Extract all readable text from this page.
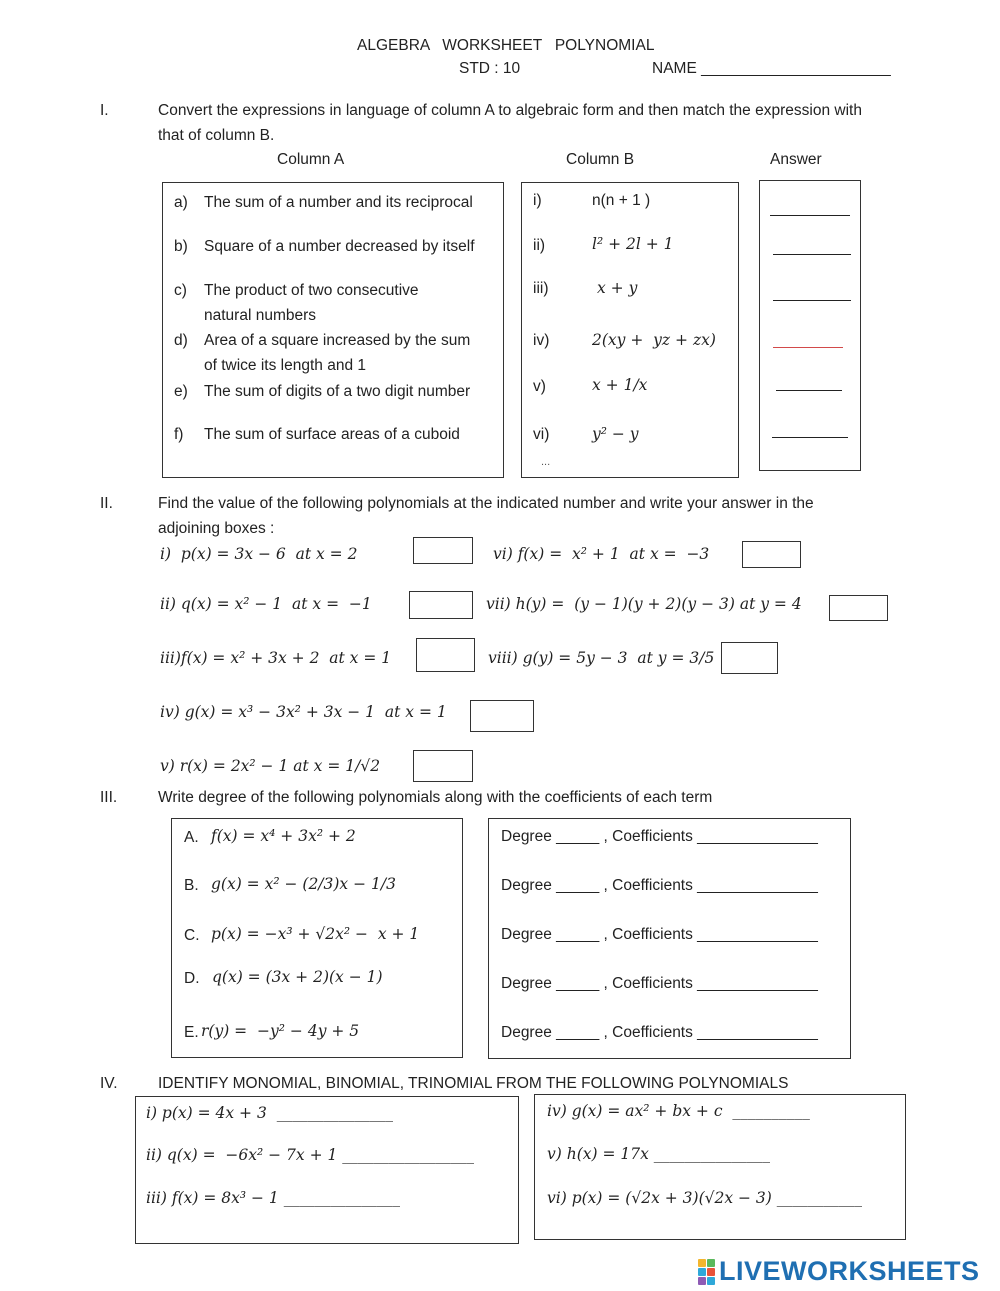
ALGEBRA   WORKSHEET   POLYNOMIAL
STD : 10	NAME ______________________
I.	Convert the expressions in language of column A to algebraic form and then match the expression with
that of column B.
Column A	Column B	Answer
a) The sum of a number and its reciprocal
b) Square of a number decreased by itself
c) The product of two consecutive
natural numbers
d) Area of a square increased by the sum
of twice its length and 1
e) The sum of digits of a two digit number
f) The sum of surface areas of a cuboid
i)	n(n + 1 )
ii)	l² + 2l + 1
iii)	x + y
iv)	2(xy +  yz + zx)
v)	x + 1/x
vi)	y² − y
...
II.	Find the value of the following polynomials at the indicated number and write your answer in the
adjoining boxes :
i)  p(x) = 3x − 6  at x = 2	vi) f(x) =  x² + 1  at x =  −3
ii) q(x) = x² − 1  at x =  −1	vii) h(y) =  (y − 1)(y + 2)(y − 3) at y = 4
iii)f(x) = x² + 3x + 2  at x = 1	viii) g(y) = 5y − 3  at y = 3/5
iv) g(x) = x³ − 3x² + 3x − 1  at x = 1
v) r(x) = 2x² − 1 at x = 1/√2
III.	Write degree of the following polynomials along with the coefficients of each term
A. f(x) = x⁴ + 3x² + 2
B. g(x) = x² − (2/3)x − 1/3
C. p(x) = −x³ + √2x² −  x + 1
D. q(x) = (3x + 2)(x − 1)
E. r(y) =  −y² − 4y + 5
Degree _____ , Coefficients ______________
Degree _____ , Coefficients ______________
Degree _____ , Coefficients ______________
Degree _____ , Coefficients ______________
Degree _____ , Coefficients ______________
IV.	IDENTIFY MONOMIAL, BINOMIAL, TRINOMIAL FROM THE FOLLOWING POLYNOMIALS
i) p(x) = 4x + 3  _______________
ii) q(x) =  −6x² − 7x + 1 _________________
iii) f(x) = 8x³ − 1 _______________
iv) g(x) = ax² + bx + c  __________
v) h(x) = 17x _______________
vi) p(x) = (√2x + 3)(√2x − 3) ___________
LIVEWORKSHEETS
